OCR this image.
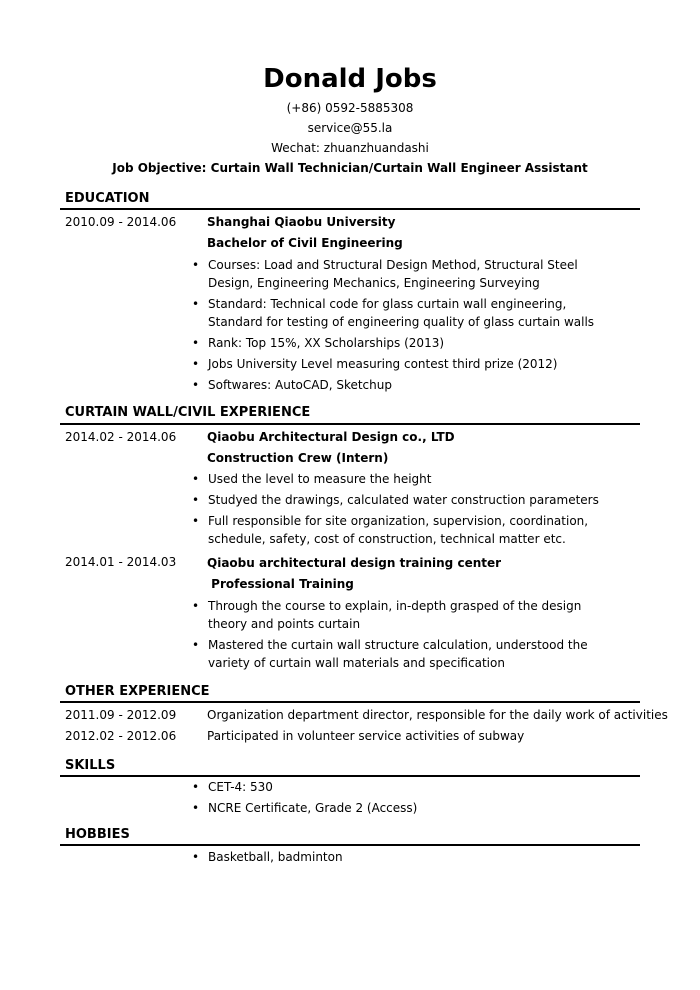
Donald Jobs
(+86) 0592-5885308
service@55.la
Wechat: zhuanzhuandashi
Job Objective: Curtain Wall Technician/Curtain Wall Engineer Assistant
EDUCATION
2010.09 - 2014.06	Shanghai Qiaobu University
Bachelor of Civil Engineering
• Courses: Load and Structural Design Method, Structural Steel Design, Engineering Mechanics, Engineering Surveying
• Standard: Technical code for glass curtain wall engineering, Standard for testing of engineering quality of glass curtain walls
• Rank: Top 15%, XX Scholarships (2013)
• Jobs University Level measuring contest third prize (2012)
• Softwares: AutoCAD, Sketchup
CURTAIN WALL/CIVIL EXPERIENCE
2014.02 - 2014.06	Qiaobu Architectural Design co., LTD
Construction Crew (Intern)
• Used the level to measure the height
• Studyed the drawings, calculated water construction parameters
• Full responsible for site organization, supervision, coordination, schedule, safety, cost of construction, technical matter etc.
2014.01 - 2014.03	Qiaobu architectural design training center
Professional Training
• Through the course to explain, in-depth grasped of the design theory and points curtain
• Mastered the curtain wall structure calculation, understood the variety of curtain wall materials and specification
OTHER EXPERIENCE
2011.09 - 2012.09	Organization department director, responsible for the daily work of activities
2012.02 - 2012.06	Participated in volunteer service activities of subway
SKILLS
• CET-4: 530
• NCRE Certificate, Grade 2 (Access)
HOBBIES
• Basketball, badminton
